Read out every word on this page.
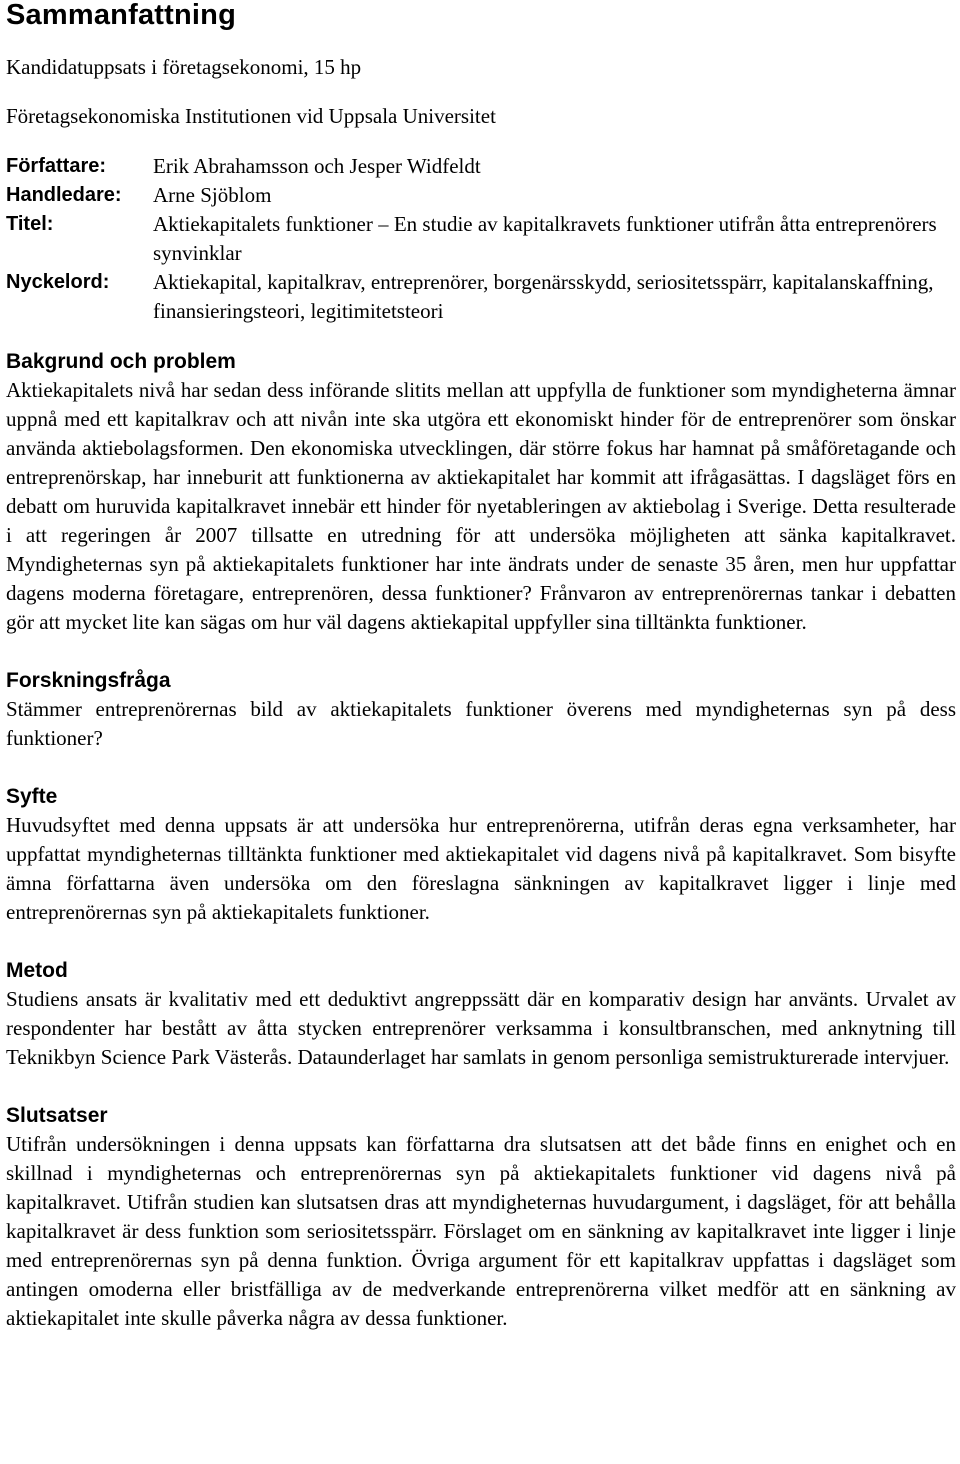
Sammanfattning

Kandidatuppsats i företagsekonomi, 15 hp

Företagsekonomiska Institutionen vid Uppsala Universitet

Författare:	Erik Abrahamsson och Jesper Widfeldt
Handledare:	Arne Sjöblom
Titel:	Aktiekapitalets funktioner ⎯ En studie av kapitalkravets funktioner utifrån åtta entreprenörers synvinklar
Nyckelord:	Aktiekapital, kapitalkrav, entreprenörer, borgenärsskydd, seriositetsspärr, kapitalanskaffning, finansieringsteori, legitimitetsteori
Bakgrund och problem

Aktiekapitalets nivå har sedan dess införande slitits mellan att uppfylla de funktioner som myndigheterna ämnar uppnå med ett kapitalkrav och att nivån inte ska utgöra ett ekonomiskt hinder för de entreprenörer som önskar använda aktiebolagsformen. Den ekonomiska utvecklingen, där större fokus har hamnat på småföretagande och entreprenörskap, har inneburit att funktionerna av aktiekapitalet har kommit att ifrågasättas. I dagsläget förs en debatt om huruvida kapitalkravet innebär ett hinder för nyetableringen av aktiebolag i Sverige. Detta resulterade i att regeringen år 2007 tillsatte en utredning för att undersöka möjligheten att sänka kapitalkravet. Myndigheternas syn på aktiekapitalets funktioner har inte ändrats under de senaste 35 åren, men hur uppfattar dagens moderna företagare, entreprenören, dessa funktioner? Frånvaron av entreprenörernas tankar i debatten gör att mycket lite kan sägas om hur väl dagens aktiekapital uppfyller sina tilltänkta funktioner.

Forskningsfråga

Stämmer entreprenörernas bild av aktiekapitalets funktioner överens med myndigheternas syn på dess funktioner?

Syfte

Huvudsyftet med denna uppsats är att undersöka hur entreprenörerna, utifrån deras egna verksamheter, har uppfattat myndigheternas tilltänkta funktioner med aktiekapitalet vid dagens nivå på kapitalkravet. Som bisyfte ämna författarna även undersöka om den föreslagna sänkningen av kapitalkravet ligger i linje med entreprenörernas syn på aktiekapitalets funktioner.

Metod

Studiens ansats är kvalitativ med ett deduktivt angreppssätt där en komparativ design har använts. Urvalet av respondenter har bestått av åtta stycken entreprenörer verksamma i konsultbranschen, med anknytning till Teknikbyn Science Park Västerås. Dataunderlaget har samlats in genom personliga semistrukturerade intervjuer.

Slutsatser

Utifrån undersökningen i denna uppsats kan författarna dra slutsatsen att det både finns en enighet och en skillnad i myndigheternas och entreprenörernas syn på aktiekapitalets funktioner vid dagens nivå på kapitalkravet. Utifrån studien kan slutsatsen dras att myndigheternas huvudargument, i dagsläget, för att behålla kapitalkravet är dess funktion som seriositetsspärr. Förslaget om en sänkning av kapitalkravet inte ligger i linje med entreprenörernas syn på denna funktion. Övriga argument för ett kapitalkrav uppfattas i dagsläget som antingen omoderna eller bristfälliga av de medverkande entreprenörerna vilket medför att en sänkning av aktiekapitalet inte skulle påverka några av dessa funktioner.
